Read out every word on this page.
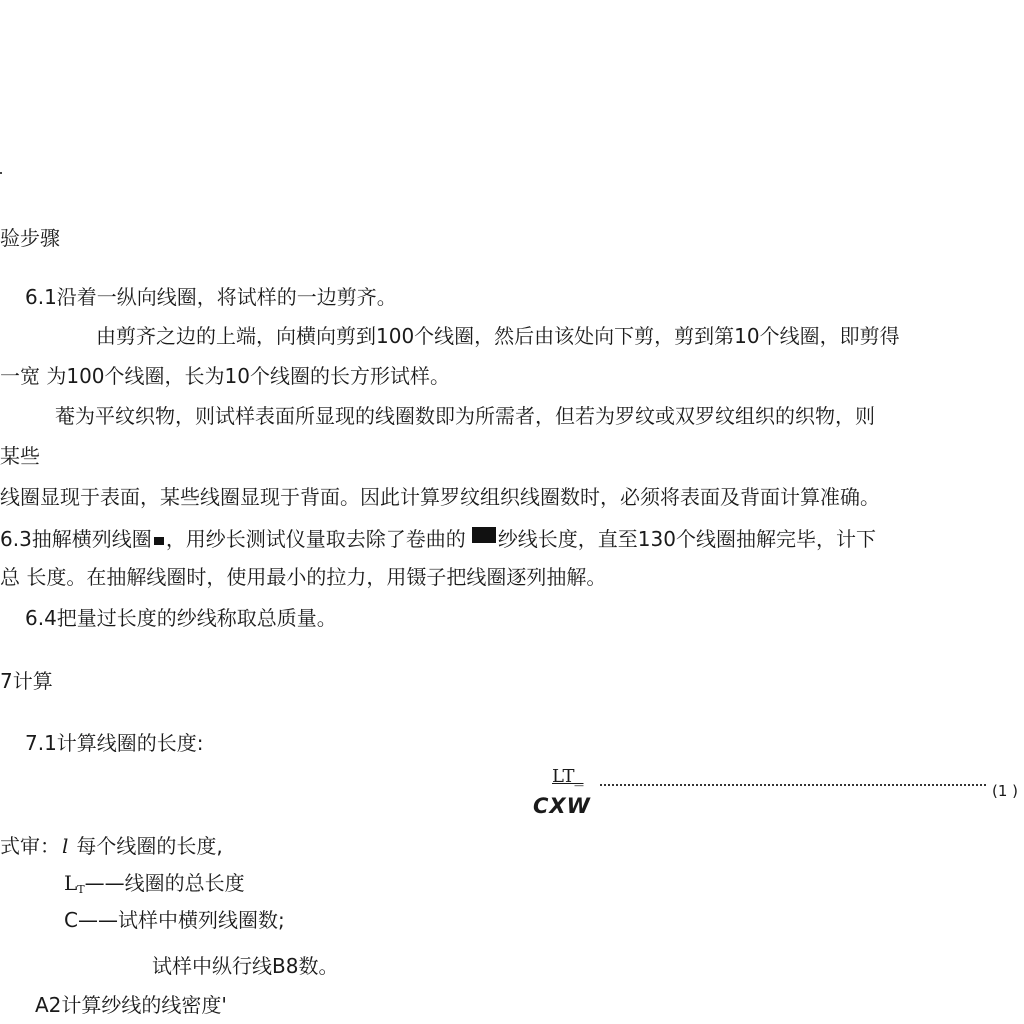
验步骤
6.1沿着一纵向线圈，将试样的一边剪齐。
由剪齐之边的上端，向横向剪到100个线圈，然后由该处向下剪，剪到第10个线圈，即剪得
一宽 为100个线圈，长为10个线圈的长方形试样。
菴为平纹织物，则试样表面所显现的线圈数即为所需者，但若为罗纹或双罗纹组织的织物，则
某些
线圈显现于表面，某些线圈显现于背面。因此计算罗纹组织线圈数时，必须将表面及背面计算准确。
6.3抽解横列线圈 ，用纱长测试仪量取去除了卷曲的 纱线长度，直至130个线圈抽解完毕，计下
总 长度。在抽解线圈时，使用最小的拉力，用镊子把线圈逐列抽解。
6.4把量过长度的纱线称取总质量。
7计算
7.1计算线圈的长度:
LT_
CXW
(1 )
式审： l 每个线圈的长度,
LT——线圈的总长度
C——试样中横列线圈数;
试样中纵行线B8数。
A2计算纱线的线密度'
